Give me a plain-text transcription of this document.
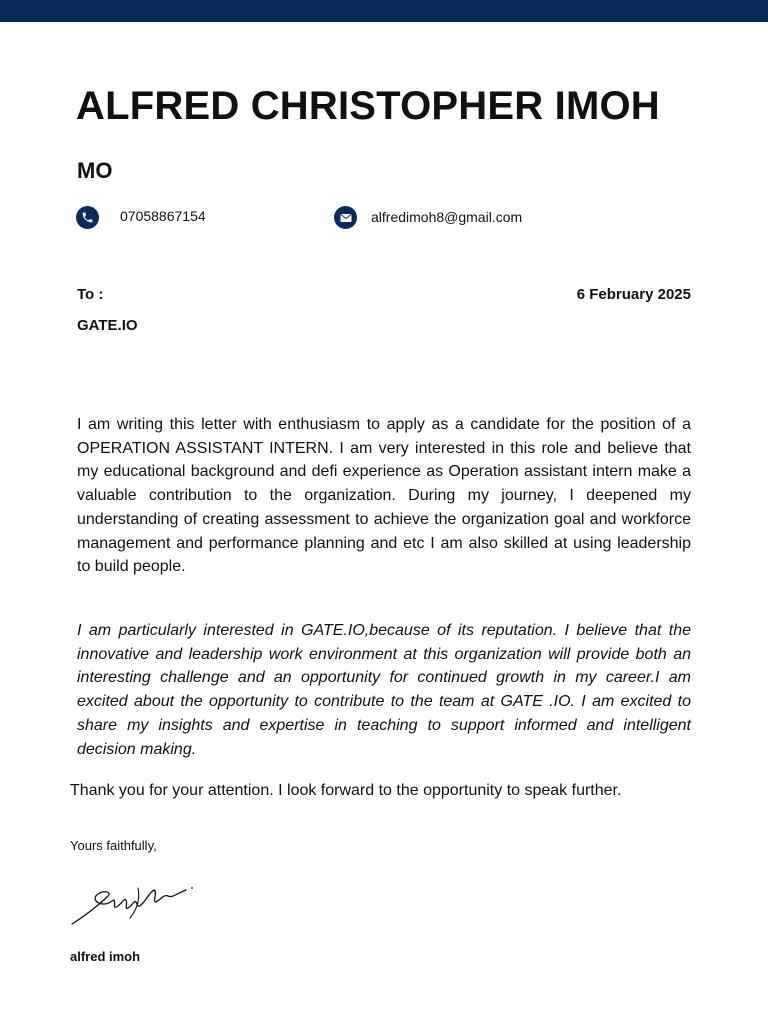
ALFRED CHRISTOPHER IMOH
MO
07058867154	alfredimoh8@gmail.com
To :	6 February 2025
GATE.IO
I am writing this letter with enthusiasm to apply as a candidate for the position of a OPERATION ASSISTANT INTERN. I am very interested in this role and believe that my educational background and defi experience as Operation assistant intern make a valuable contribution to the organization. During my journey, I deepened my understanding of creating assessment to achieve the organization goal and workforce management and performance planning and etc I am also skilled at using leadership to build people.
I am particularly interested in GATE.IO,because of its reputation. I believe that the innovative and leadership work environment at this organization will provide both an interesting challenge and an opportunity for continued growth in my career.I am excited about the opportunity to contribute to the team at GATE .IO. I am excited to share my insights and expertise in teaching to support informed and intelligent decision making.
Thank you for your attention. I look forward to the opportunity to speak further.
Yours faithfully,
alfred imoh
